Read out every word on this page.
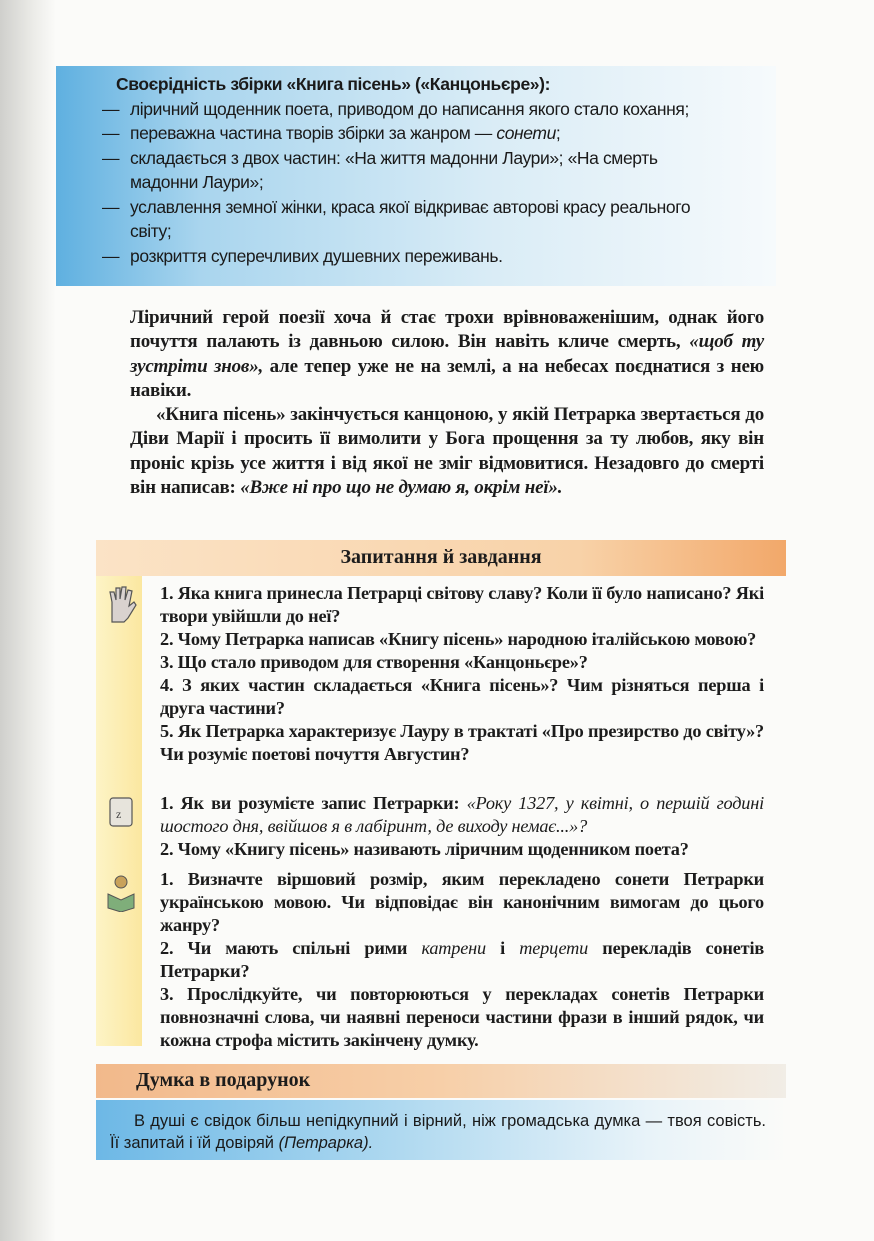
Своєрідність збірки «Книга пісень» («Канцоньєре»):
— ліричний щоденник поета, приводом до написання якого стало кохання;
— переважна частина творів збірки за жанром — сонети;
— складається з двох частин: «На життя мадонни Лаури»; «На смерть мадонни Лаури»;
— уславлення земної жінки, краса якої відкриває авторові красу реального світу;
— розкриття суперечливих душевних переживань.

Ліричний герой поезії хоча й стає трохи врівноваженішим, однак його почуття палають із давньою силою. Він навіть кличе смерть, «щоб ту зустріти знов», але тепер уже не на землі, а на небесах поєднатися з нею навіки.

«Книга пісень» закінчується канцоною, у якій Петрарка звертається до Діви Марії і просить її вимолити у Бога прощення за ту любов, яку він проніс крізь усе життя і від якої не зміг відмовитися. Незадовго до смерті він написав: «Вже ні про що не думаю я, окрім неї».

Запитання й завдання
z

1. Яка книга принесла Петрарці світову славу? Коли її було написано? Які твори увійшли до неї?

2. Чому Петрарка написав «Книгу пісень» народною італійською мовою?

3. Що стало приводом для створення «Канцоньєре»?

4. З яких частин складається «Книга пісень»? Чим різняться перша і друга частини?

5. Як Петрарка характеризує Лауру в трактаті «Про презирство до світу»? Чи розуміє поетові почуття Августин?

1. Як ви розумієте запис Петрарки: «Року 1327, у квітні, о першій годині шостого дня, ввійшов я в лабіринт, де виходу немає...»?

2. Чому «Книгу пісень» називають ліричним щоденником поета?

1. Визначте віршовий розмір, яким перекладено сонети Петрарки українською мовою. Чи відповідає він канонічним вимогам до цього жанру?

2. Чи мають спільні рими катрени і терцети перекладів сонетів Петрарки?

3. Прослідкуйте, чи повторюються у перекладах сонетів Петрарки повнозначні слова, чи наявні переноси частини фрази в інший рядок, чи кожна строфа містить закінчену думку.

Думка в подарунок
В душі є свідок більш непідкупний і вірний, ніж громадська думка — твоя совість. Її запитай і їй довіряй (Петрарка).
